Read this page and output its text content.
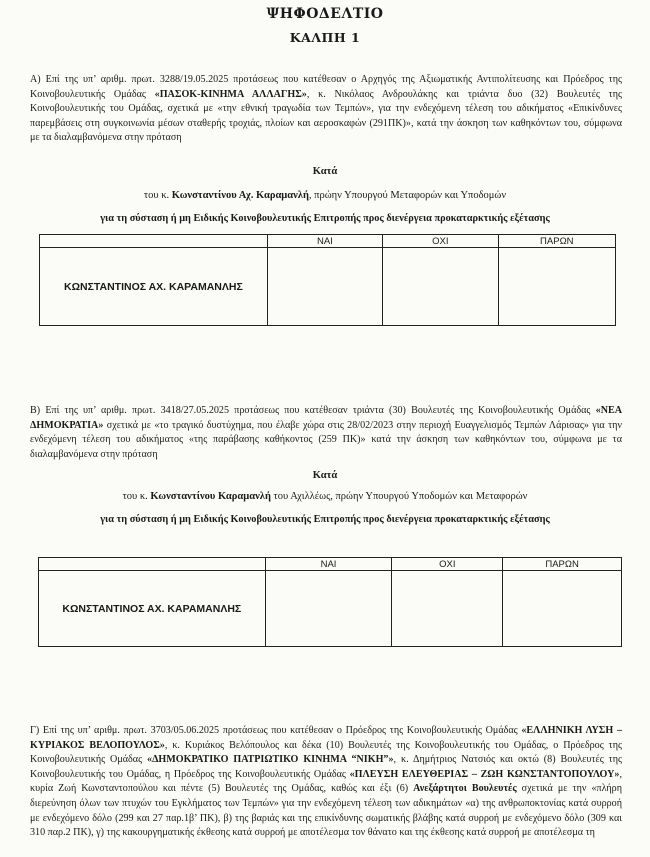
ΨΗΦΟΔΕΛΤΙΟ
ΚΑΛΠΗ 1
Α) Επί της υπ’ αριθμ. πρωτ. 3288/19.05.2025 προτάσεως που κατέθεσαν ο Αρχηγός της Αξιωματικής Αντιπολίτευσης και Πρόεδρος της Κοινοβουλευτικής Ομάδας «ΠΑΣΟΚ-ΚΙΝΗΜΑ ΑΛΛΑΓΗΣ», κ. Νικόλαος Ανδρουλάκης και τριάντα δυο (32) Βουλευτές της Κοινοβουλευτικής του Ομάδας, σχετικά με «την εθνική τραγωδία των Τεμπών», για την ενδεχόμενη τέλεση του αδικήματος «Επικίνδυνες παρεμβάσεις στη συγκοινωνία μέσων σταθερής τροχιάς, πλοίων και αεροσκαφών (291ΠΚ)», κατά την άσκηση των καθηκόντων του, σύμφωνα με τα διαλαμβανόμενα στην πρόταση
Κατά
του κ. Κωνσταντίνου Αχ. Καραμανλή, πρώην Υπουργού Μεταφορών και Υποδομών
για τη σύσταση ή μη Ειδικής Κοινοβουλευτικής Επιτροπής προς διενέργεια προκαταρκτικής εξέτασης
	ΝΑΙ	ΟΧΙ	ΠΑΡΩΝ
ΚΩΝΣΤΑΝΤΙΝΟΣ ΑΧ. ΚΑΡΑΜΑΝΛΗΣ			
Β) Επί της υπ’ αριθμ. πρωτ. 3418/27.05.2025 προτάσεως που κατέθεσαν τριάντα (30) Βουλευτές της Κοινοβουλευτικής Ομάδας «ΝΕΑ ΔΗΜΟΚΡΑΤΙΑ» σχετικά με «το τραγικό δυστύχημα, που έλαβε χώρα στις 28/02/2023 στην περιοχή Ευαγγελισμός Τεμπών Λάρισας» για την ενδεχόμενη τέλεση του αδικήματος «της παράβασης καθήκοντος (259 ΠΚ)» κατά την άσκηση των καθηκόντων του, σύμφωνα με τα διαλαμβανόμενα στην πρόταση
Κατά
του κ. Κωνσταντίνου Καραμανλή του Αχιλλέως, πρώην Υπουργού Υποδομών και Μεταφορών
για τη σύσταση ή μη Ειδικής Κοινοβουλευτικής Επιτροπής προς διενέργεια προκαταρκτικής εξέτασης
	ΝΑΙ	ΟΧΙ	ΠΑΡΩΝ
ΚΩΝΣΤΑΝΤΙΝΟΣ ΑΧ. ΚΑΡΑΜΑΝΛΗΣ			
Γ) Επί της υπ’ αριθμ. πρωτ. 3703/05.06.2025 προτάσεως που κατέθεσαν ο Πρόεδρος της Κοινοβουλευτικής Ομάδας «ΕΛΛΗΝΙΚΗ ΛΥΣΗ – ΚΥΡΙΑΚΟΣ ΒΕΛΟΠΟΥΛΟΣ», κ. Κυριάκος Βελόπουλος και δέκα (10) Βουλευτές της Κοινοβουλευτικής του Ομάδας, ο Πρόεδρος της Κοινοβουλευτικής Ομάδας «ΔΗΜΟΚΡΑΤΙΚΟ ΠΑΤΡΙΩΤΙΚΟ ΚΙΝΗΜΑ “ΝΙΚΗ”», κ. Δημήτριος Νατσιός και οκτώ (8) Βουλευτές της Κοινοβουλευτικής του Ομάδας, η Πρόεδρος της Κοινοβουλευτικής Ομάδας «ΠΛΕΥΣΗ ΕΛΕΥΘΕΡΙΑΣ – ΖΩΗ ΚΩΝΣΤΑΝΤΟΠΟΥΛΟΥ», κυρία Ζωή Κωνσταντοπούλου και πέντε (5) Βουλευτές της Ομάδας, καθώς και έξι (6) Ανεξάρτητοι Βουλευτές σχετικά με την «πλήρη διερεύνηση όλων των πτυχών του Εγκλήματος των Τεμπών» για την ενδεχόμενη τέλεση των αδικημάτων «α) της ανθρωποκτονίας κατά συρροή με ενδεχόμενο δόλο (299 και 27 παρ.1β’ ΠΚ), β) της βαριάς και της επικίνδυνης σωματικής βλάβης κατά συρροή με ενδεχόμενο δόλο (309 και 310 παρ.2 ΠΚ), γ) της κακουργηματικής έκθεσης κατά συρροή με αποτέλεσμα τον θάνατο και της έκθεσης κατά συρροή με αποτέλεσμα τη
